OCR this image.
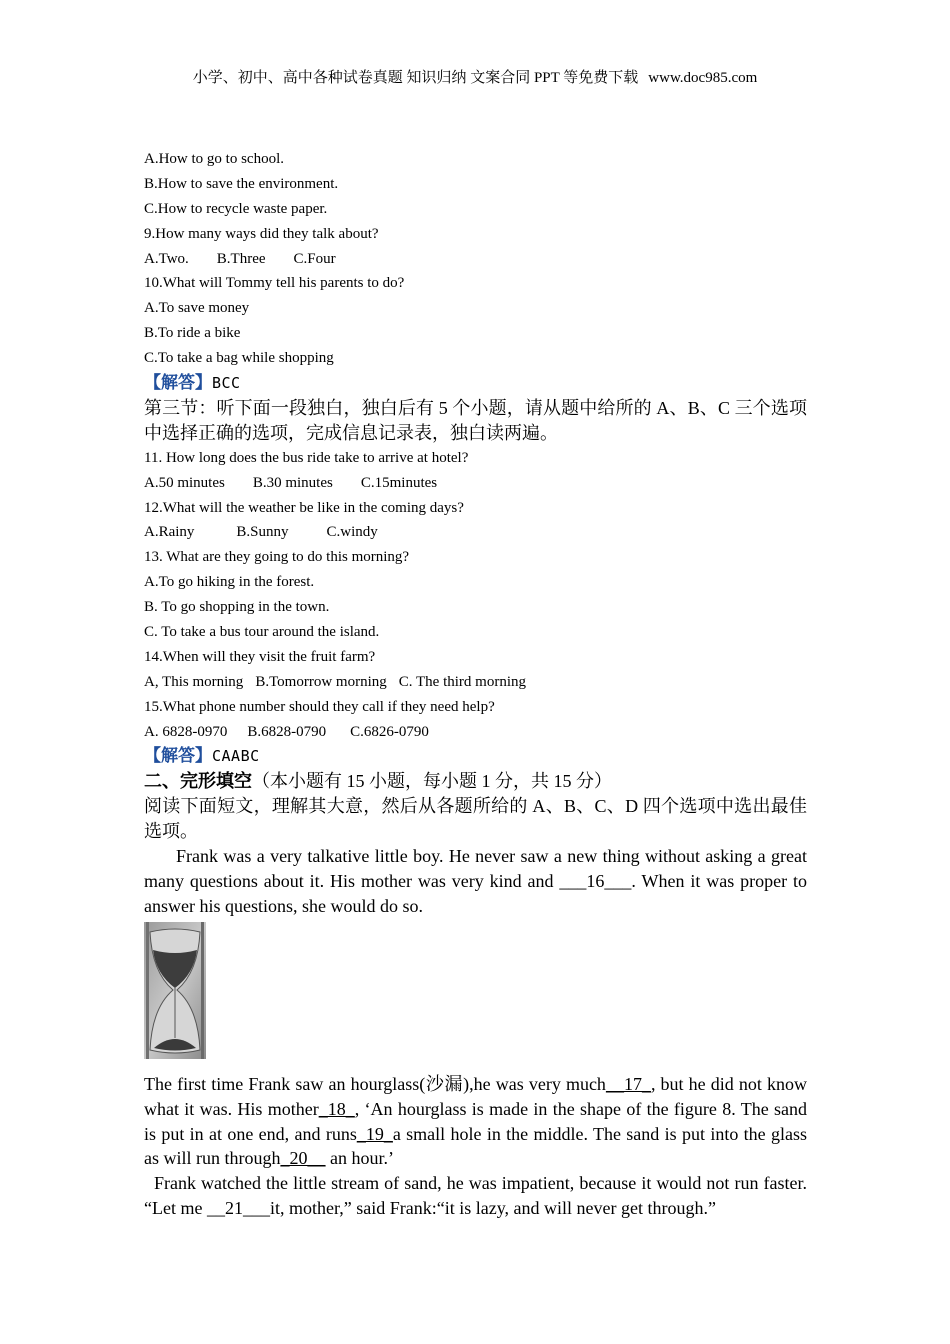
小学、初中、高中各种试卷真题 知识归纳 文案合同 PPT 等免费下载 www.doc985.com
A.How to go to school.
B.How to save the environment.
C.How to recycle waste paper.
9.How many ways did they talk about?
A.Two. B.Three C.Four
10.What will Tommy tell his parents to do?
A.To save money
B.To ride a bike
C.To take a bag while shopping
【解答】BCC
第三节：听下面一段独白，独白后有 5 个小题，请从题中给所的 A、B、C 三个选项中选择正确的选项，完成信息记录表，独白读两遍。
11. How long does the bus ride take to arrive at hotel?
A.50 minutes B.30 minutes C.15minutes
12.What will the weather be like in the coming days?
A.Rainy	B.Sunny	C.windy
13. What are they going to do this morning?
A.To go hiking in the forest.
B. To go shopping in the town.
C. To take a bus tour around the island.
14.When will they visit the fruit farm?
A, This morning B.Tomorrow morning C. The third morning
15.What phone number should they call if they need help?
A. 6828-0970 B.6828-0790 C.6826-0790
【解答】CAABC
二、完形填空（本小题有 15 小题，每小题 1 分，共 15 分）
阅读下面短文，理解其大意，然后从各题所给的 A、B、C、D 四个选项中选出最佳选项。
Frank was a very talkative little boy. He never saw a new thing without asking a great many questions about it. His mother was very kind and ___16___. When it was proper to answer his questions, she would do so.
The first time Frank saw an hourglass(沙漏),he was very much__17_, but he did not know what it was. His mother_18_, ‘An hourglass is made in the shape of the figure 8. The sand is put in at one end, and runs_19_a small hole in the middle. The sand is put into the glass as will run through_20__ an hour.’
Frank watched the little stream of sand, he was impatient, because it would not run faster. “Let me __21___it, mother,” said Frank:“it is lazy, and will never get through.”
